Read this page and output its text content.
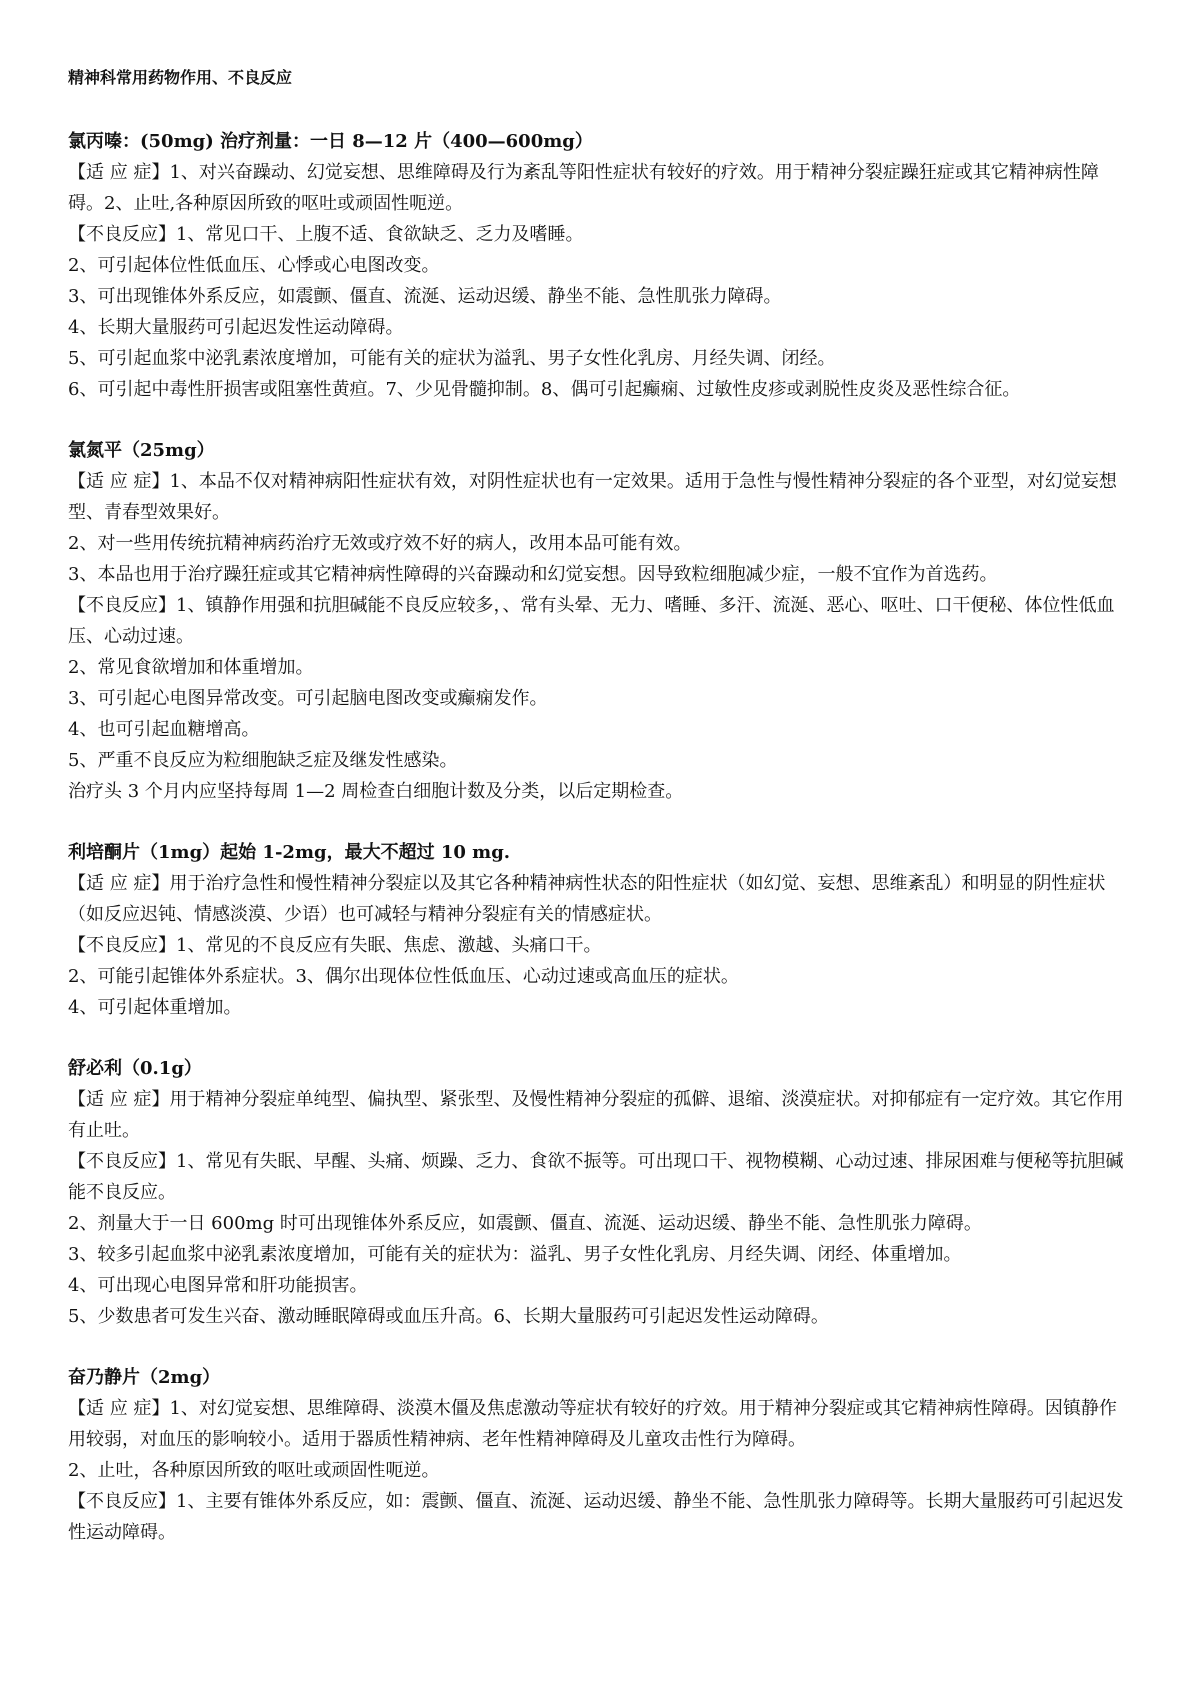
精神科常用药物作用、不良反应

氯丙嗪：(50mg) 治疗剂量：一日 8—12 片（400—600mg）

【适 应 症】1、对兴奋躁动、幻觉妄想、思维障碍及行为紊乱等阳性症状有较好的疗效。用于精神分裂症躁狂症或其它精神病性障碍。2、止吐,各种原因所致的呕吐或顽固性呃逆。

【不良反应】1、常见口干、上腹不适、食欲缺乏、乏力及嗜睡。

2、可引起体位性低血压、心悸或心电图改变。

3、可出现锥体外系反应，如震颤、僵直、流涎、运动迟缓、静坐不能、急性肌张力障碍。

4、长期大量服药可引起迟发性运动障碍。

5、可引起血浆中泌乳素浓度增加，可能有关的症状为溢乳、男子女性化乳房、月经失调、闭经。

6、可引起中毒性肝损害或阻塞性黄疸。7、少见骨髓抑制。8、偶可引起癫痫、过敏性皮疹或剥脱性皮炎及恶性综合征。

氯氮平（25mg）

【适 应 症】1、本品不仅对精神病阳性症状有效，对阴性症状也有一定效果。适用于急性与慢性精神分裂症的各个亚型，对幻觉妄想型、青春型效果好。

2、对一些用传统抗精神病药治疗无效或疗效不好的病人，改用本品可能有效。

3、本品也用于治疗躁狂症或其它精神病性障碍的兴奋躁动和幻觉妄想。因导致粒细胞减少症，一般不宜作为首选药。

【不良反应】1、镇静作用强和抗胆碱能不良反应较多，、常有头晕、无力、嗜睡、多汗、流涎、恶心、呕吐、口干便秘、体位性低血压、心动过速。

2、常见食欲增加和体重增加。

3、可引起心电图异常改变。可引起脑电图改变或癫痫发作。

4、也可引起血糖增高。

5、严重不良反应为粒细胞缺乏症及继发性感染。

治疗头 3 个月内应坚持每周 1—2 周检查白细胞计数及分类，以后定期检查。

利培酮片（1mg）起始 1-2mg，最大不超过 10 mg.

【适 应 症】用于治疗急性和慢性精神分裂症以及其它各种精神病性状态的阳性症状（如幻觉、妄想、思维紊乱）和明显的阴性症状（如反应迟钝、情感淡漠、少语）也可减轻与精神分裂症有关的情感症状。

【不良反应】1、常见的不良反应有失眠、焦虑、激越、头痛口干。

2、可能引起锥体外系症状。3、偶尔出现体位性低血压、心动过速或高血压的症状。

4、可引起体重增加。

舒必利（0.1g）

【适 应 症】用于精神分裂症单纯型、偏执型、紧张型、及慢性精神分裂症的孤僻、退缩、淡漠症状。对抑郁症有一定疗效。其它作用有止吐。

【不良反应】1、常见有失眠、早醒、头痛、烦躁、乏力、食欲不振等。可出现口干、视物模糊、心动过速、排尿困难与便秘等抗胆碱能不良反应。

2、剂量大于一日 600mg 时可出现锥体外系反应，如震颤、僵直、流涎、运动迟缓、静坐不能、急性肌张力障碍。

3、较多引起血浆中泌乳素浓度增加，可能有关的症状为：溢乳、男子女性化乳房、月经失调、闭经、体重增加。

4、可出现心电图异常和肝功能损害。

5、少数患者可发生兴奋、激动睡眠障碍或血压升高。6、长期大量服药可引起迟发性运动障碍。

奋乃静片（2mg）

【适 应 症】1、对幻觉妄想、思维障碍、淡漠木僵及焦虑激动等症状有较好的疗效。用于精神分裂症或其它精神病性障碍。因镇静作用较弱，对血压的影响较小。适用于器质性精神病、老年性精神障碍及儿童攻击性行为障碍。

2、止吐，各种原因所致的呕吐或顽固性呃逆。

【不良反应】1、主要有锥体外系反应，如：震颤、僵直、流涎、运动迟缓、静坐不能、急性肌张力障碍等。长期大量服药可引起迟发性运动障碍。
